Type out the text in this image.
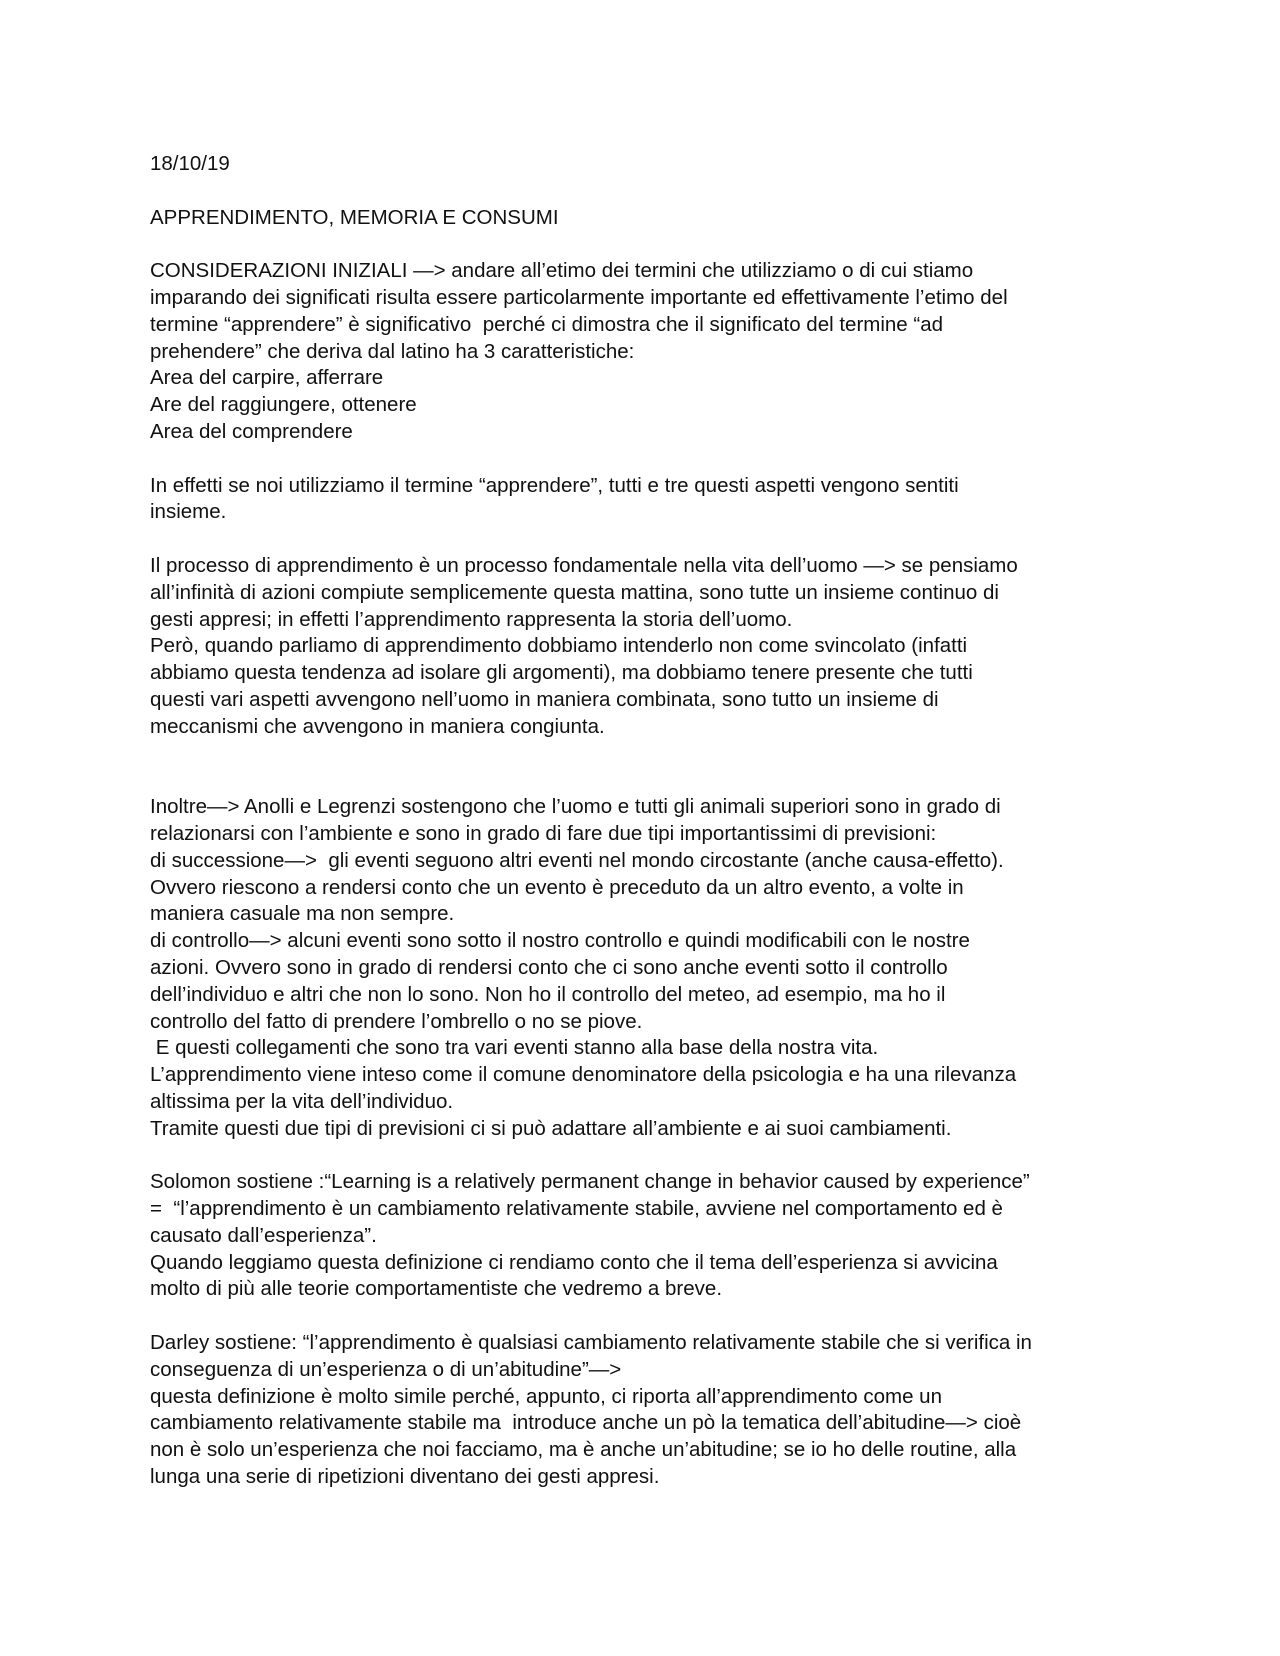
18/10/19
APPRENDIMENTO, MEMORIA E CONSUMI
CONSIDERAZIONI INIZIALI —> andare all’etimo dei termini che utilizziamo o di cui stiamo
imparando dei significati risulta essere particolarmente importante ed effettivamente l’etimo del
termine “apprendere” è significativo  perché ci dimostra che il significato del termine “ad
prehendere” che deriva dal latino ha 3 caratteristiche:
Area del carpire, afferrare
Are del raggiungere, ottenere
Area del comprendere
In effetti se noi utilizziamo il termine “apprendere”, tutti e tre questi aspetti vengono sentiti
insieme.
Il processo di apprendimento è un processo fondamentale nella vita dell’uomo —> se pensiamo
all’infinità di azioni compiute semplicemente questa mattina, sono tutte un insieme continuo di
gesti appresi; in effetti l’apprendimento rappresenta la storia dell’uomo.
Però, quando parliamo di apprendimento dobbiamo intenderlo non come svincolato (infatti
abbiamo questa tendenza ad isolare gli argomenti), ma dobbiamo tenere presente che tutti
questi vari aspetti avvengono nell’uomo in maniera combinata, sono tutto un insieme di
meccanismi che avvengono in maniera congiunta.
Inoltre—> Anolli e Legrenzi sostengono che l’uomo e tutti gli animali superiori sono in grado di
relazionarsi con l’ambiente e sono in grado di fare due tipi importantissimi di previsioni:
di successione—>  gli eventi seguono altri eventi nel mondo circostante (anche causa-effetto).
Ovvero riescono a rendersi conto che un evento è preceduto da un altro evento, a volte in
maniera casuale ma non sempre.
di controllo—> alcuni eventi sono sotto il nostro controllo e quindi modificabili con le nostre
azioni. Ovvero sono in grado di rendersi conto che ci sono anche eventi sotto il controllo
dell’individuo e altri che non lo sono. Non ho il controllo del meteo, ad esempio, ma ho il
controllo del fatto di prendere l’ombrello o no se piove.
E questi collegamenti che sono tra vari eventi stanno alla base della nostra vita.
L’apprendimento viene inteso come il comune denominatore della psicologia e ha una rilevanza
altissima per la vita dell’individuo.
Tramite questi due tipi di previsioni ci si può adattare all’ambiente e ai suoi cambiamenti.
Solomon sostiene :“Learning is a relatively permanent change in behavior caused by experience”
=  “l’apprendimento è un cambiamento relativamente stabile, avviene nel comportamento ed è
causato dall’esperienza”.
Quando leggiamo questa definizione ci rendiamo conto che il tema dell’esperienza si avvicina
molto di più alle teorie comportamentiste che vedremo a breve.
Darley sostiene: “l’apprendimento è qualsiasi cambiamento relativamente stabile che si verifica in
conseguenza di un’esperienza o di un’abitudine”—>
questa definizione è molto simile perché, appunto, ci riporta all’apprendimento come un
cambiamento relativamente stabile ma  introduce anche un pò la tematica dell’abitudine—> cioè
non è solo un’esperienza che noi facciamo, ma è anche un’abitudine; se io ho delle routine, alla
lunga una serie di ripetizioni diventano dei gesti appresi.
